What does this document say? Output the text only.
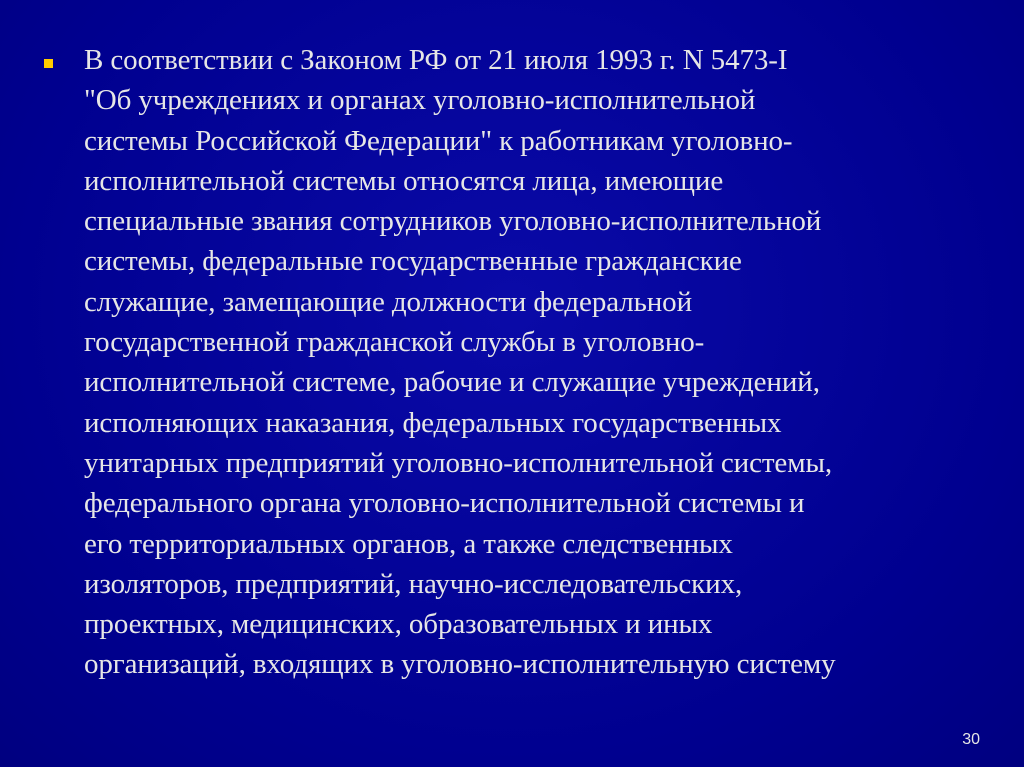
В соответствии с Законом РФ от 21 июля 1993 г. N 5473-I
"Об учреждениях и органах уголовно-исполнительной
системы Российской Федерации" к работникам уголовно-
исполнительной системы относятся лица, имеющие
специальные звания сотрудников уголовно-исполнительной
системы, федеральные государственные гражданские
служащие, замещающие должности федеральной
государственной гражданской службы в уголовно-
исполнительной системе, рабочие и служащие учреждений,
исполняющих наказания, федеральных государственных
унитарных предприятий уголовно-исполнительной системы,
федерального органа уголовно-исполнительной системы и
его территориальных органов, а также следственных
изоляторов, предприятий, научно-исследовательских,
проектных, медицинских, образовательных и иных
организаций, входящих в уголовно-исполнительную систему
30
